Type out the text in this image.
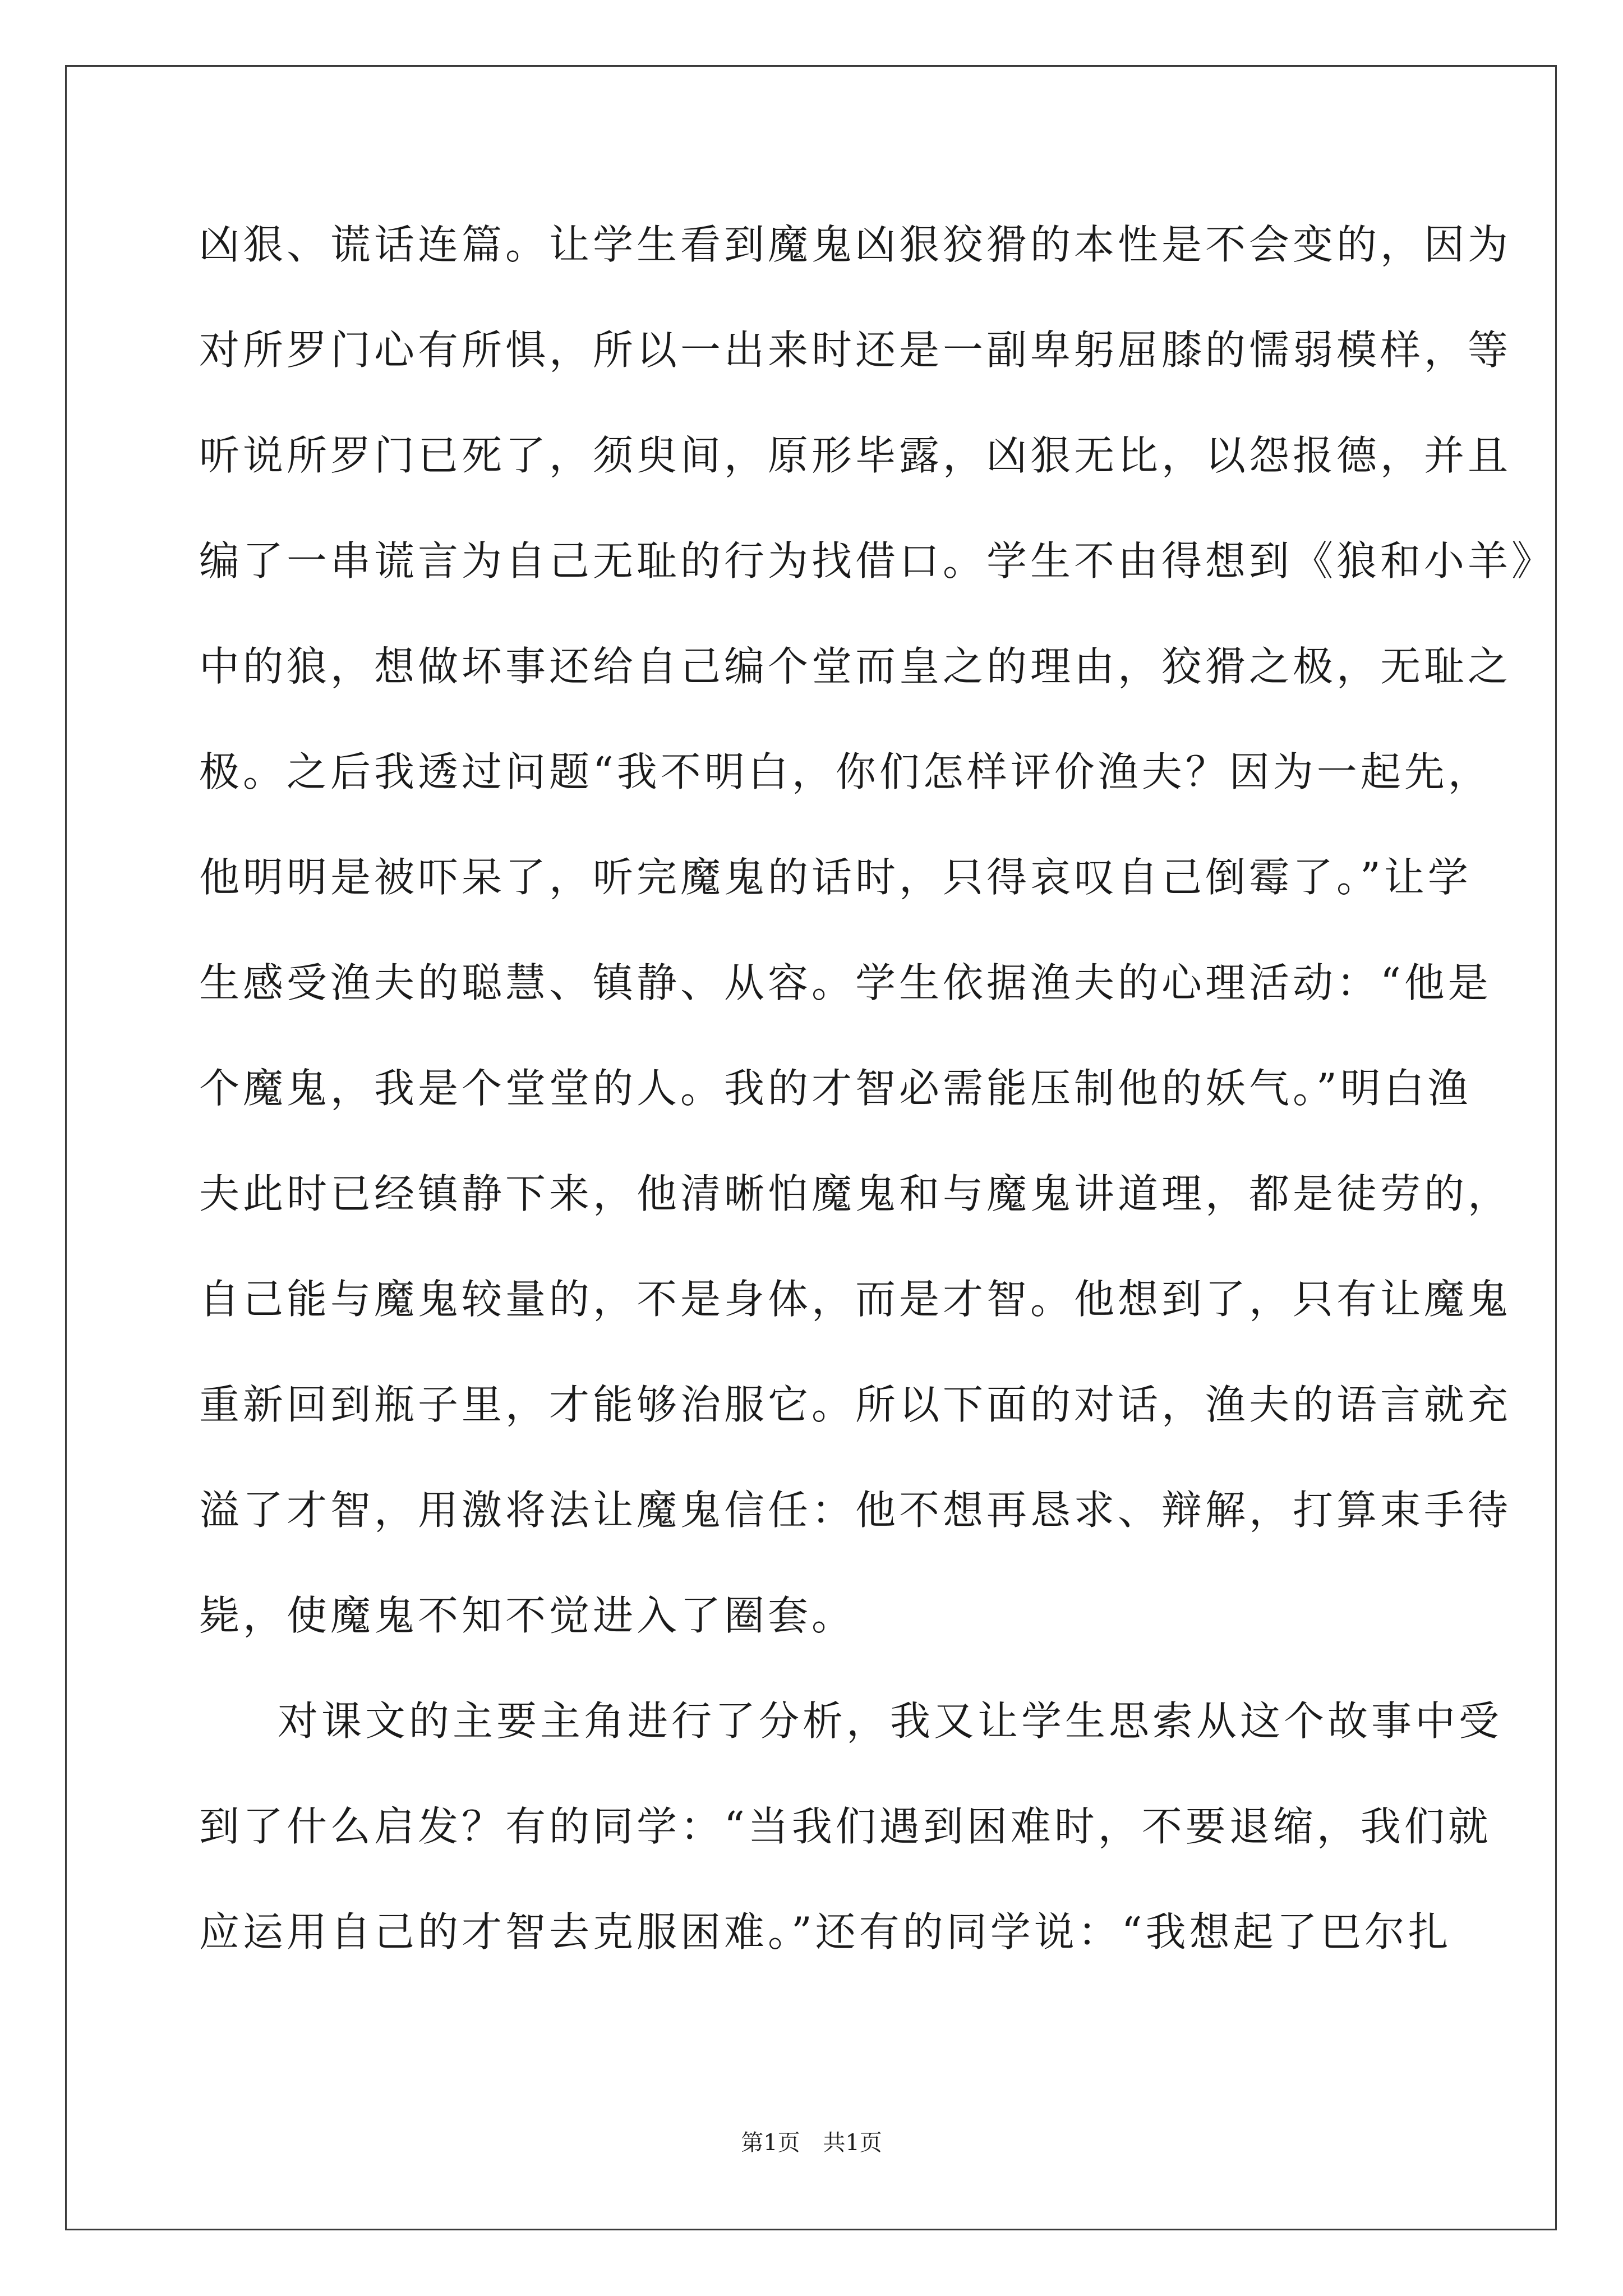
凶狠、谎话连篇。让学生看到魔鬼凶狠狡猾的本性是不会变的，因为
对所罗门心有所惧，所以一出来时还是一副卑躬屈膝的懦弱模样，等
听说所罗门已死了，须臾间，原形毕露，凶狠无比，以怨报德，并且
编了一串谎言为自己无耻的行为找借口。学生不由得想到《狼和小羊》
中的狼，想做坏事还给自己编个堂而皇之的理由，狡猾之极，无耻之
极。之后我透过问题“我不明白，你们怎样评价渔夫？因为一起先，
他明明是被吓呆了，听完魔鬼的话时，只得哀叹自己倒霉了。”让学
生感受渔夫的聪慧、镇静、从容。学生依据渔夫的心理活动：“他是
个魔鬼，我是个堂堂的人。我的才智必需能压制他的妖气。”明白渔
夫此时已经镇静下来，他清晰怕魔鬼和与魔鬼讲道理，都是徒劳的，
自己能与魔鬼较量的，不是身体，而是才智。他想到了，只有让魔鬼
重新回到瓶子里，才能够治服它。所以下面的对话，渔夫的语言就充
溢了才智，用激将法让魔鬼信任：他不想再恳求、辩解，打算束手待
毙，使魔鬼不知不觉进入了圈套。
对课文的主要主角进行了分析，我又让学生思索从这个故事中受
到了什么启发？有的同学：“当我们遇到困难时，不要退缩，我们就
应运用自己的才智去克服困难。”还有的同学说：“我想起了巴尔扎
第1页 共1页
